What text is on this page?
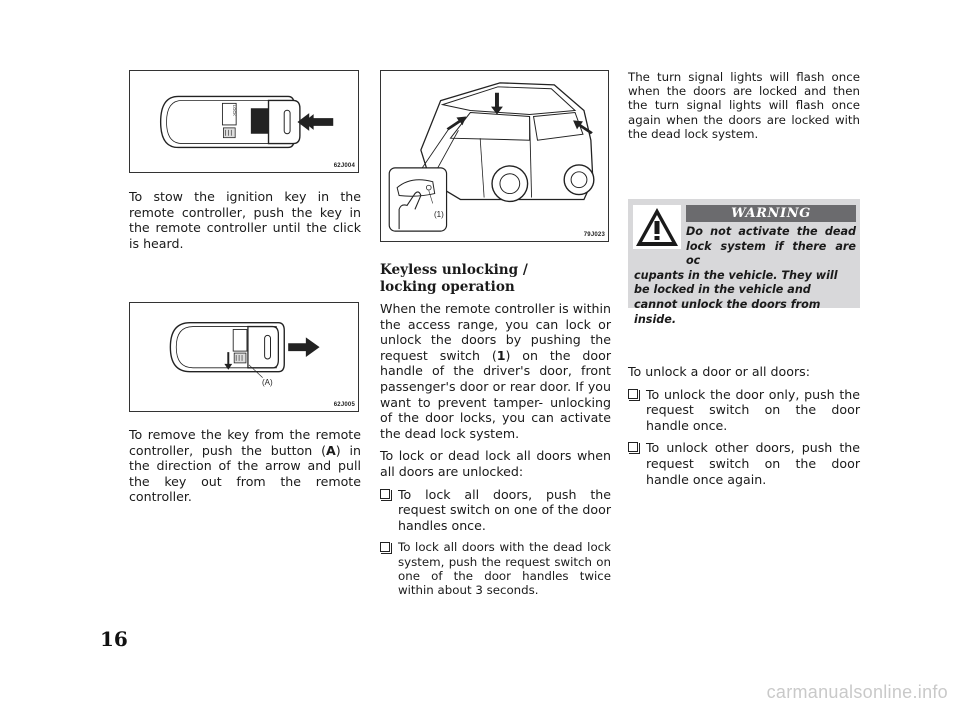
LOCK
62J004

To stow the ignition key in the remote controller, push the key in the remote controller until the click is heard.

(A)
62J005

To remove the key from the remote controller, push the button (A) in the direction of the arrow and pull the key out from the remote controller.

(1)
79J023
Keyless unlocking /
locking operation

When the remote controller is within the access range, you can lock or unlock the doors by pushing the request switch (1) on the door handle of the driver's door, front passenger's door or rear door. If you want to prevent tamper- unlocking of the door locks, you can activate the dead lock system.

To lock or dead lock all doors when all doors are unlocked:

To lock all doors, push the request switch on one of the door handles once.
To lock all doors with the dead lock system, push the request switch on one of the door handles twice within about 3 seconds.

The turn signal lights will flash once when the doors are locked and then the turn signal lights will flash once again when the doors are locked with the dead lock system.

WARNING
Do not activate the dead lock system if there are oc
cupants in the vehicle. They will be locked in the vehicle and cannot unlock the doors from inside.

To unlock a door or all doors:

To unlock the door only, push the request switch on the door handle once.
To unlock other doors, push the request switch on the door handle once again.
16
carmanualsonline.info
